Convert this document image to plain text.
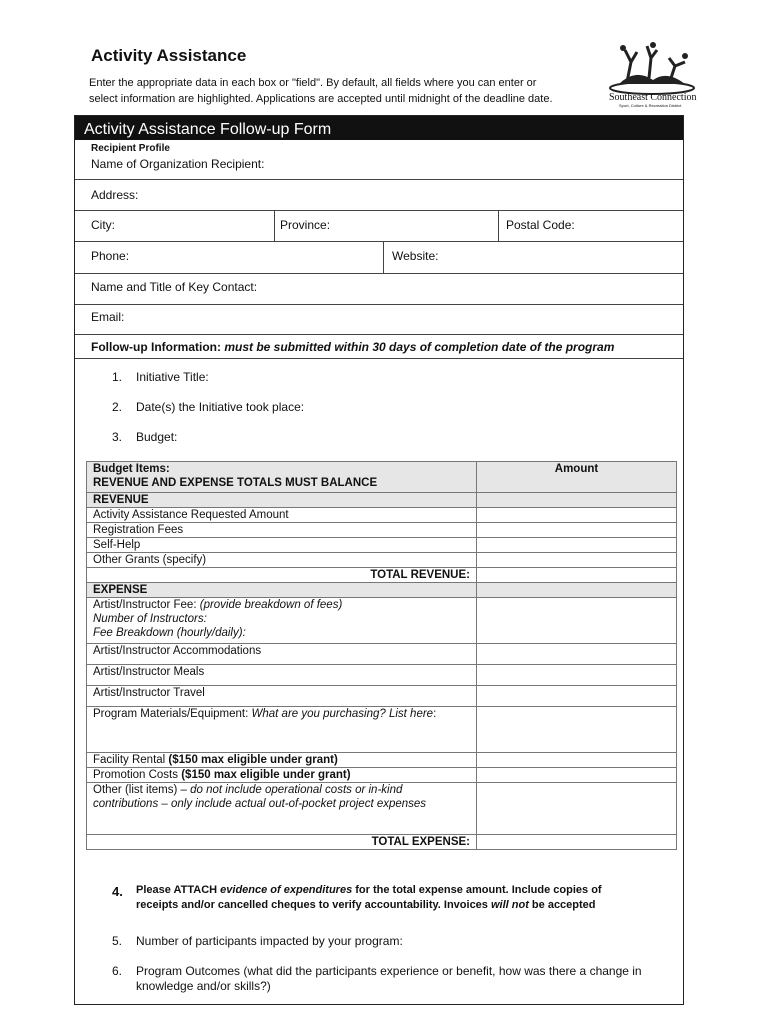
Activity Assistance
Enter the appropriate data in each box or "field". By default, all fields where you can enter or
select information are highlighted. Applications are accepted until midnight of the deadline date.	Southeast Connection
Sport, Culture & Recreation District
Activity Assistance Follow-up Form
Recipient Profile
Name of Organization Recipient:
Address:
City:	Province:	Postal Code:
Phone:	Website:
Name and Title of Key Contact:
Email:
Follow-up Information: must be submitted within 30 days of completion date of the program
1. Initiative Title:
2. Date(s) the Initiative took place:
3. Budget:
Budget Items:
REVENUE AND EXPENSE TOTALS MUST BALANCE	Amount
REVENUE	
Activity Assistance Requested Amount	
Registration Fees	
Self-Help	
Other Grants (specify)	
TOTAL REVENUE:	
EXPENSE	

Artist/Instructor Fee: (provide breakdown of fees)
Number of Instructors:
Fee Breakdown (hourly/daily):	

Artist/Instructor Accommodations	
Artist/Instructor Meals	
Artist/Instructor Travel	
Program Materials/Equipment: What are you purchasing? List here:	
Facility Rental ($150 max eligible under grant)	
Promotion Costs ($150 max eligible under grant)	

Other (list items) – do not include operational costs or in-kind
contributions – only include actual out-of-pocket project expenses	

TOTAL EXPENSE:	
4. Please ATTACH evidence of expenditures for the total expense amount. Include copies of
receipts and/or cancelled cheques to verify accountability. Invoices will not be accepted
5. Number of participants impacted by your program:
6. Program Outcomes (what did the participants experience or benefit, how was there a change in
knowledge and/or skills?)
